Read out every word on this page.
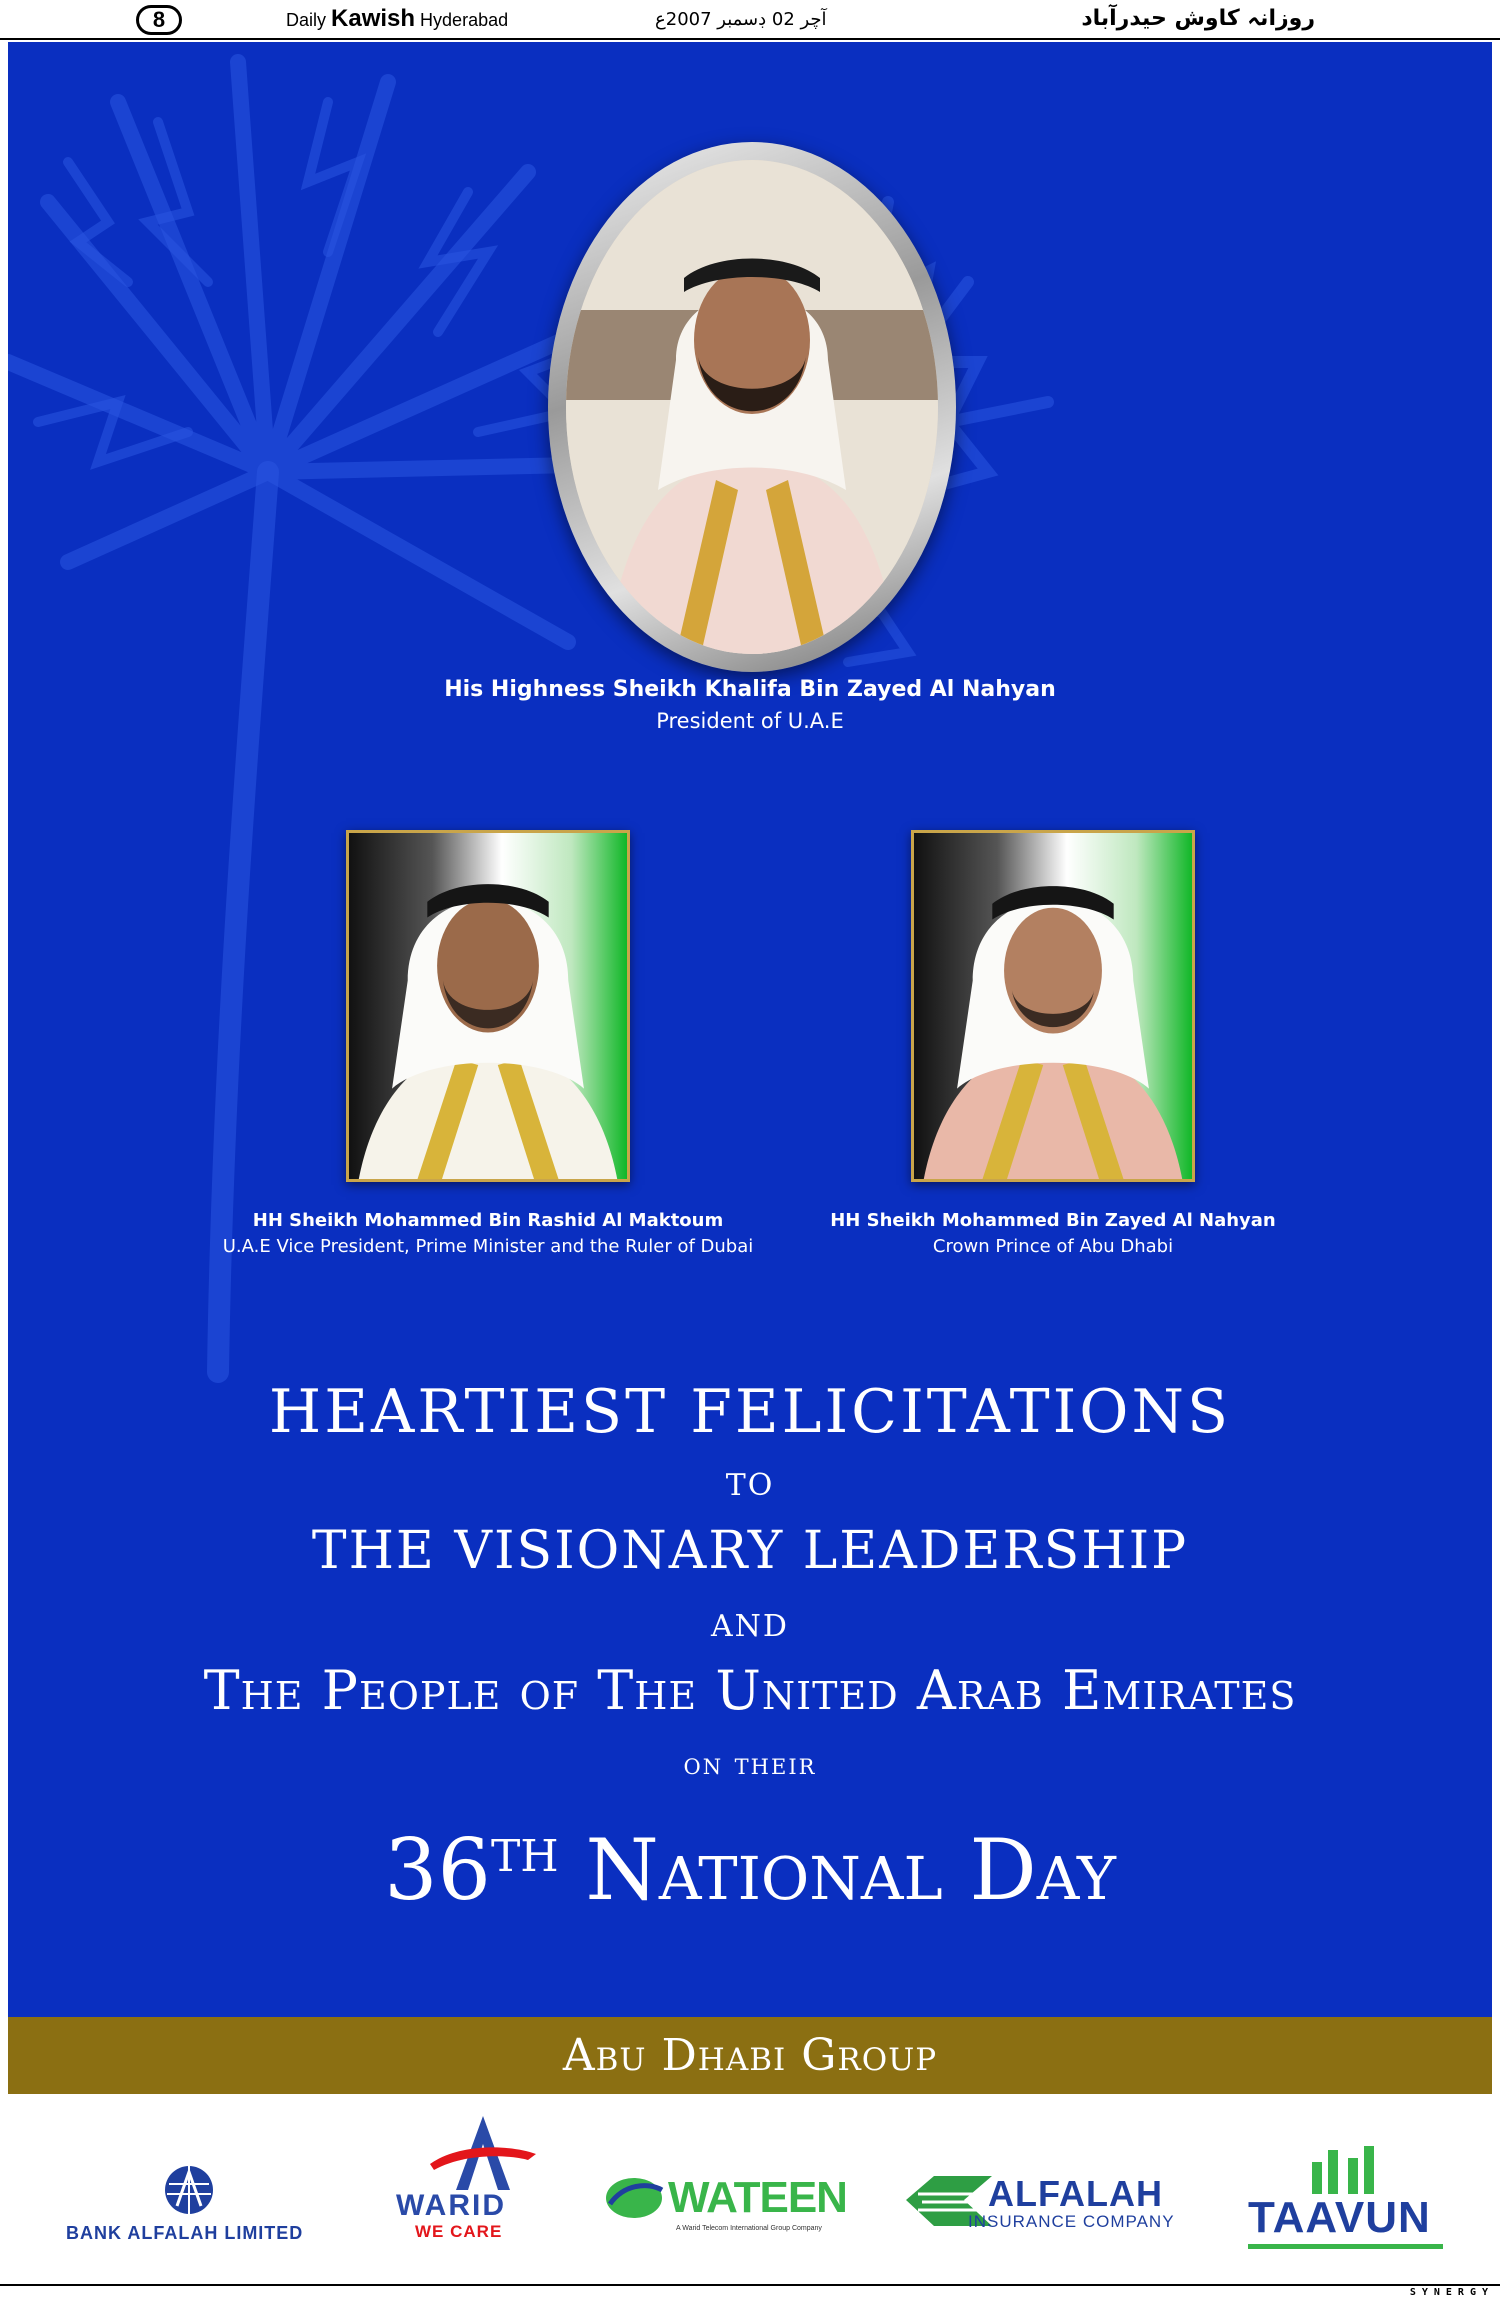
8	Daily Kawish Hyderabad	آچر 02 ڊسمبر 2007ع	روزانہ کاوش حيدرآباد
His Highness Sheikh Khalifa Bin Zayed Al Nahyan
President of U.A.E
HH Sheikh Mohammed Bin Rashid Al Maktoum
U.A.E Vice President, Prime Minister and the Ruler of Dubai
HH Sheikh Mohammed Bin Zayed Al Nahyan
Crown Prince of Abu Dhabi
HEARTIEST FELICITATIONS
TO
THE VISIONARY LEADERSHIP
AND
The People of The United Arab Emirates
on their
36TH National Day
Abu Dhabi Group
BANK ALFALAH LIMITED
WARID
WE CARE
WATEEN
A Warid Telecom International Group Company
ALFALAH
INSURANCE COMPANY TAAVUN
SYNERGY
